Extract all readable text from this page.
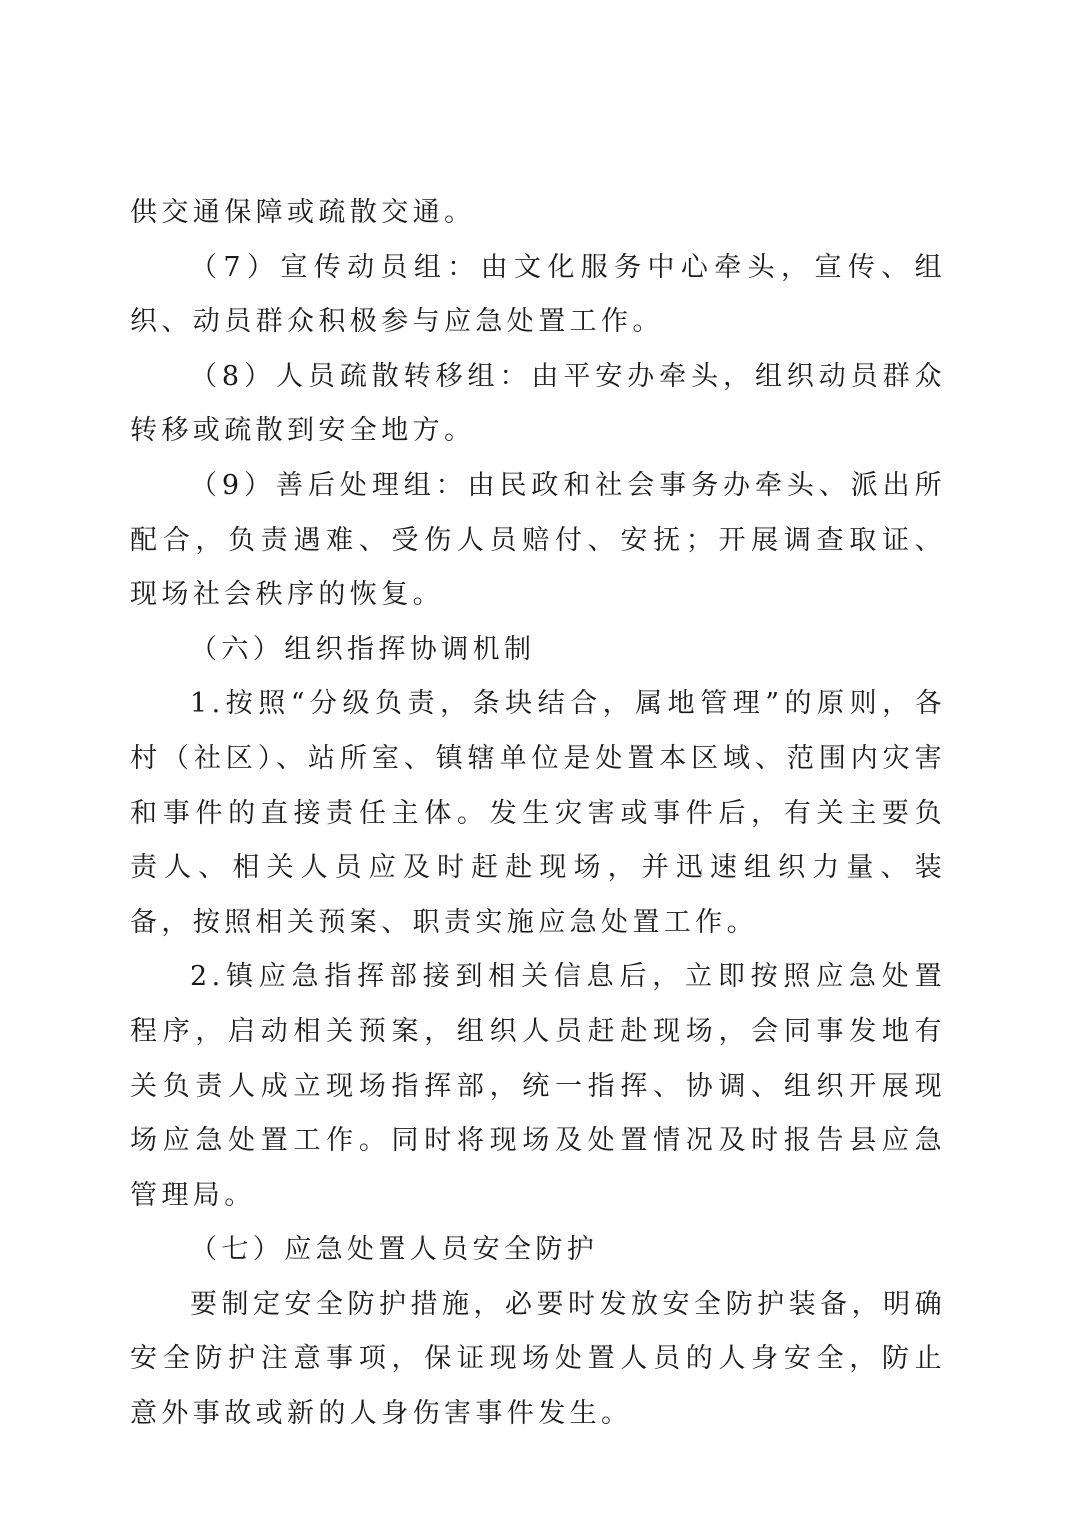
供交通保障或疏散交通。

（7）宣传动员组：由文化服务中心牵头，宣传、组织、动员群众积极参与应急处置工作。

（8）人员疏散转移组：由平安办牵头，组织动员群众转移或疏散到安全地方。

（9）善后处理组：由民政和社会事务办牵头、派出所配合，负责遇难、受伤人员赔付、安抚；开展调查取证、现场社会秩序的恢复。

（六）组织指挥协调机制

1.按照“分级负责，条块结合，属地管理”的原则，各村（社区）、站所室、镇辖单位是处置本区域、范围内灾害和事件的直接责任主体。发生灾害或事件后，有关主要负责人、相关人员应及时赶赴现场，并迅速组织力量、装备，按照相关预案、职责实施应急处置工作。

2.镇应急指挥部接到相关信息后，立即按照应急处置程序，启动相关预案，组织人员赶赴现场，会同事发地有关负责人成立现场指挥部，统一指挥、协调、组织开展现场应急处置工作。同时将现场及处置情况及时报告县应急管理局。

（七）应急处置人员安全防护

要制定安全防护措施，必要时发放安全防护装备，明确安全防护注意事项，保证现场处置人员的人身安全，防止意外事故或新的人身伤害事件发生。
